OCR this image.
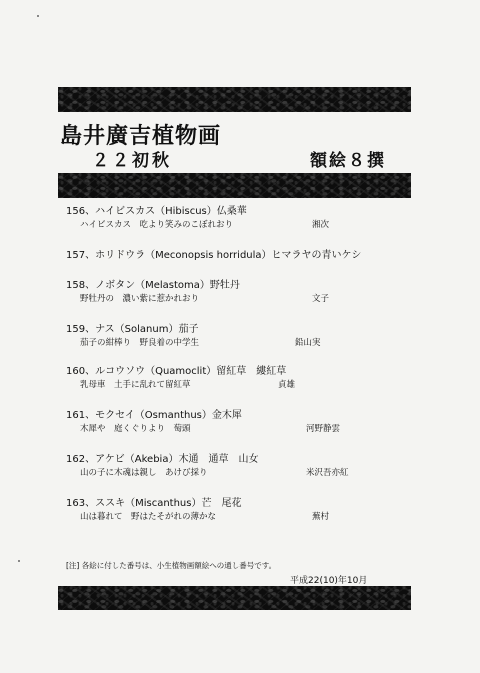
島井廣吉植物画
２２初秋	額絵８撰
156、ハイビスカス（Hibiscus）仏桑華
ハイビスカス　吃より笑みのこぼれおり	湘次
157、ホリドウラ（Meconopsis horridula）ヒマラヤの青いケシ
158、ノボタン（Melastoma）野牡丹
野牡丹の　濃い紫に惹かれおり	文子
159、ナス（Solanum）茄子
茄子の紺棒り　野良着の中学生	鉛山実
160、ルコウソウ（Quamoclit）留紅草　縷紅草
乳母車　土手に乱れて留紅草	貞雄
161、モクセイ（Osmanthus）金木犀
木犀や　庭くぐりより　萄頭	河野静雲
162、アケビ（Akebia）木通　通草　山女
山の子に木魂は親し　あけび採り	米沢吾亦紅
163、ススキ（Miscanthus）芒　尾花
山は暮れて　野はたそがれの薄かな	蕪村
[注] 各絵に付した番号は、小生植物画額絵への通し番号です。
平成22(10)年10月
